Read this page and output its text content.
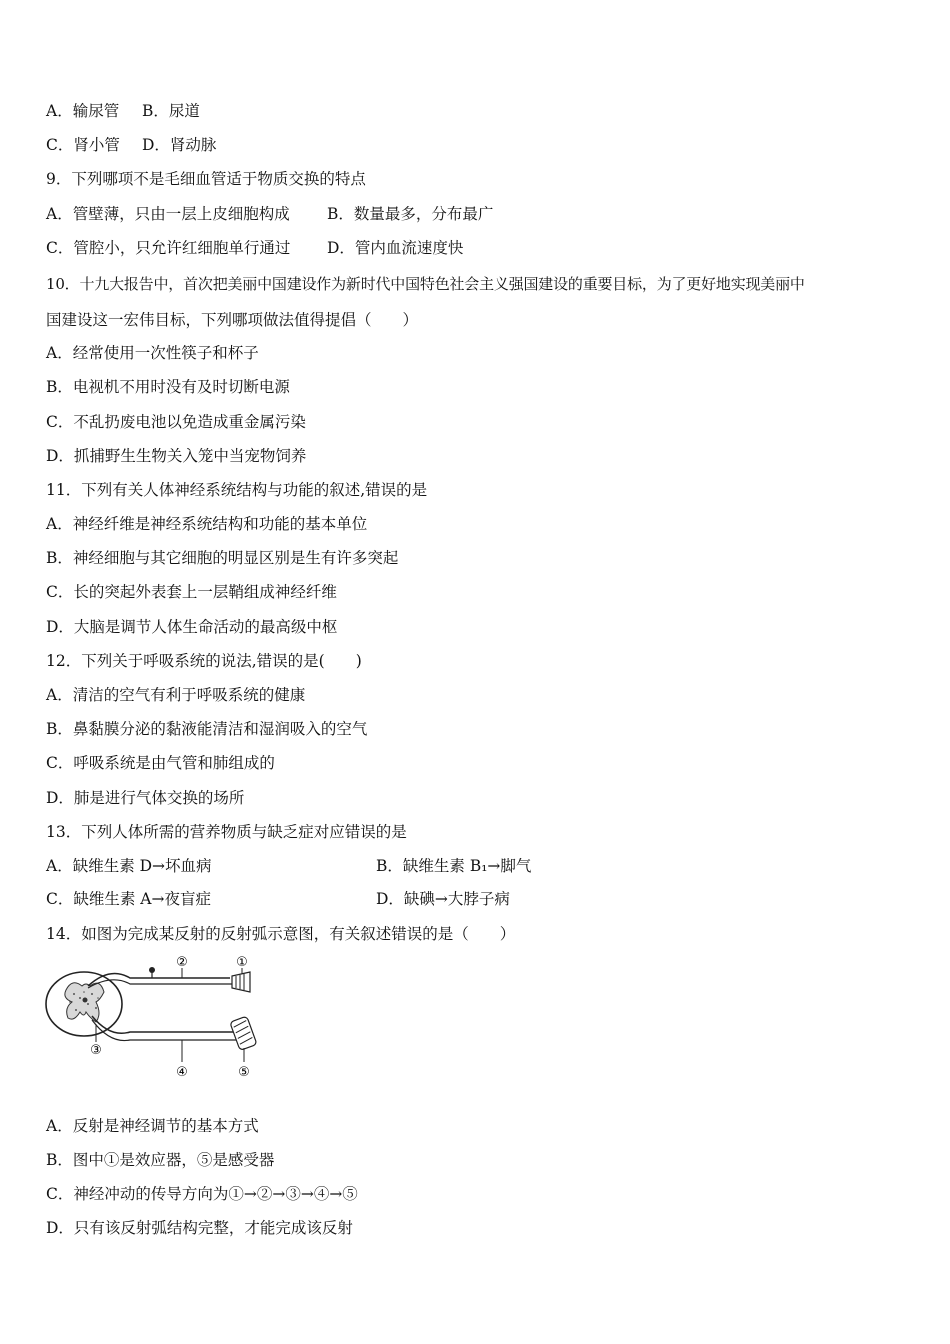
A．输尿管 B．尿道
C．肾小管 D．肾动脉
9．下列哪项不是毛细血管适于物质交换的特点
A．管壁薄，只由一层上皮细胞构成 B．数量最多，分布最广
C．管腔小，只允许红细胞单行通过 D．管内血流速度快
10．十九大报告中，首次把美丽中国建设作为新时代中国特色社会主义强国建设的重要目标，为了更好地实现美丽中
国建设这一宏伟目标，下列哪项做法值得提倡（　　）
A．经常使用一次性筷子和杯子
B．电视机不用时没有及时切断电源
C．不乱扔废电池以免造成重金属污染
D．抓捕野生生物关入笼中当宠物饲养
11．下列有关人体神经系统结构与功能的叙述,错误的是
A．神经纤维是神经系统结构和功能的基本单位
B．神经细胞与其它细胞的明显区别是生有许多突起
C．长的突起外表套上一层鞘组成神经纤维
D．大脑是调节人体生命活动的最高级中枢
12．下列关于呼吸系统的说法,错误的是(　　)
A．清洁的空气有利于呼吸系统的健康
B．鼻黏膜分泌的黏液能清洁和湿润吸入的空气
C．呼吸系统是由气管和肺组成的
D．肺是进行气体交换的场所
13．下列人体所需的营养物质与缺乏症对应错误的是
A．缺维生素 D→坏血病	B．缺维生素 B₁→脚气
C．缺维生素 A→夜盲症	D．缺碘→大脖子病
14．如图为完成某反射的反射弧示意图，有关叙述错误的是（　　）
①
②
③
④	⑤
A．反射是神经调节的基本方式
B．图中①是效应器，⑤是感受器
C．神经冲动的传导方向为①→②→③→④→⑤
D．只有该反射弧结构完整，才能完成该反射
